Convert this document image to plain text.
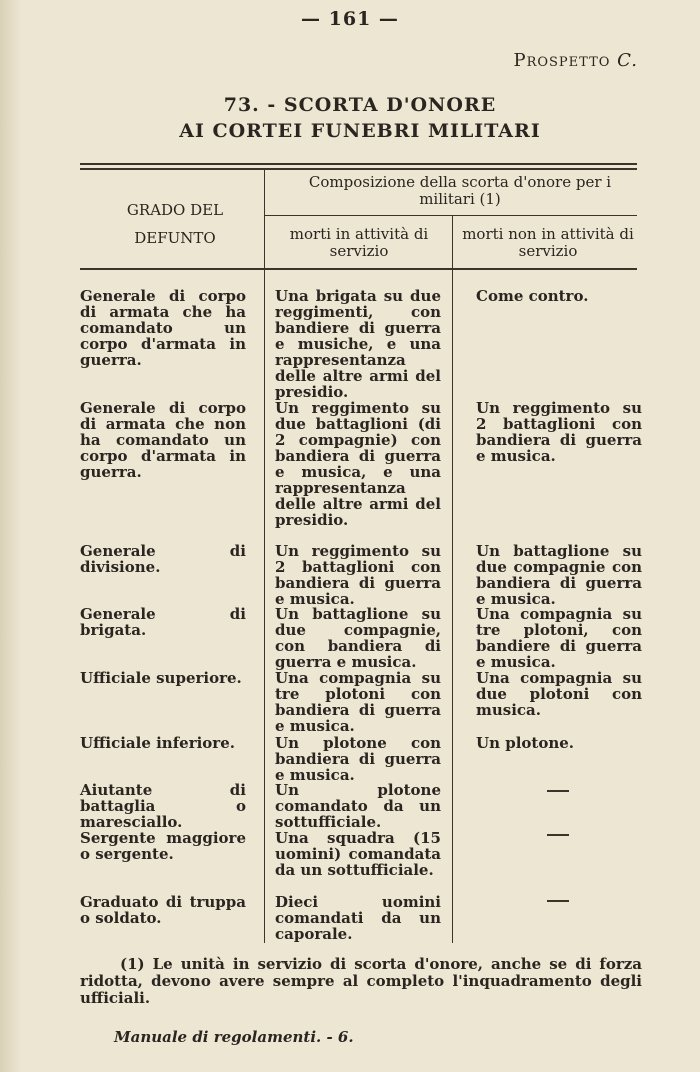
— 161 —
Prospetto C.
73. - SCORTA D'ONORE
AI CORTEI FUNEBRI MILITARI
GRADO DEL DEFUNTO
Composizione della scorta d'onore per i militari (1)
morti in attività di servizio
morti non in attività di servizio
Generale di corpo di armata che ha comandato un corpo d'armata in guerra.
Una brigata su due reggimenti, con bandiere di guerra e musiche, e una rappresentanza delle altre armi del presidio.
Come contro.
Generale di corpo di armata che non ha comandato un corpo d'armata in guerra.
Un reggimento su due battaglioni (di 2 compagnie) con bandiera di guerra e musica, e una rappresentanza delle altre armi del presidio.
Un reggimento su 2 battaglioni con bandiera di guerra e musica.
Generale di divisione.
Un reggimento su 2 battaglioni con bandiera di guerra e musica.
Un battaglione su due compagnie con bandiera di guerra e musica.
Generale di brigata.
Un battaglione su due compagnie, con bandiera di guerra e musica.
Una compagnia su tre plotoni, con bandiere di guerra e musica.
Ufficiale superiore. Una compagnia su tre plotoni con bandiera di guerra e musica.
Una compagnia su due plotoni con musica.
Ufficiale inferiore.	Un plotone con bandiera di guerra e musica.
Un plotone.
Aiutante di battaglia o maresciallo.
Un plotone comandato da un sottufficiale.
Sergente maggiore o sergente.
Una squadra (15 uomini) comandata da un sottufficiale.
Graduato di truppa o soldato.
Dieci uomini comandati da un caporale.
(1) Le unità in servizio di scorta d'onore, anche se di forza ridotta, devono avere sempre al completo l'inquadramento degli ufficiali.
Manuale di regolamenti. - 6.
